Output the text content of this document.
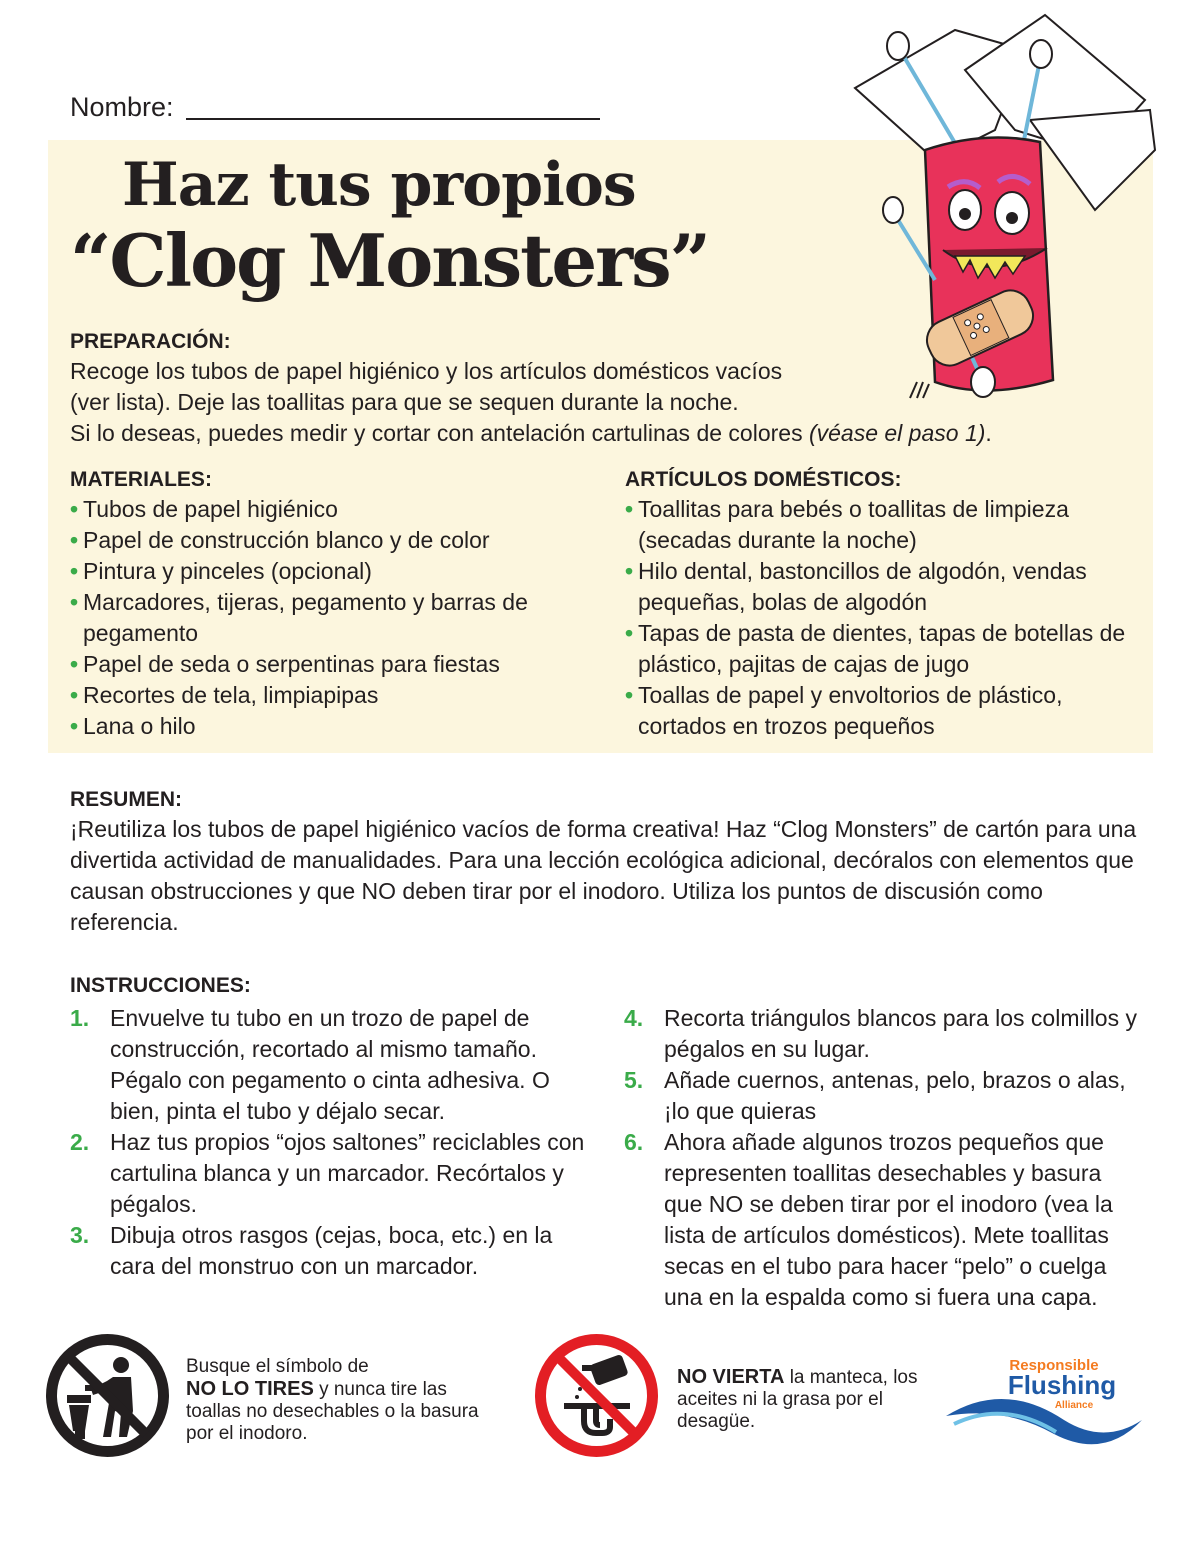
Nombre:
Haz tus propios
“Clog Monsters”
PREPARACIÓN:
Recoge los tubos de papel higiénico y los artículos domésticos vacíos
(ver lista). Deje las toallitas para que se sequen durante la noche.
Si lo deseas, puedes medir y cortar con antelación cartulinas de colores (véase el paso 1).
MATERIALES:
• Tubos de papel higiénico
• Papel de construcción blanco y de color
• Pintura y pinceles (opcional)
• Marcadores, tijeras, pegamento y barras de pegamento
• Papel de seda o serpentinas para fiestas
• Recortes de tela, limpiapipas
• Lana o hilo
ARTÍCULOS DOMÉSTICOS:
• Toallitas para bebés o toallitas de limpieza (secadas durante la noche)
• Hilo dental, bastoncillos de algodón, vendas pequeñas, bolas de algodón
• Tapas de pasta de dientes, tapas de botellas de plástico, pajitas de cajas de jugo
• Toallas de papel y envoltorios de plástico, cortados en trozos pequeños
RESUMEN:
¡Reutiliza los tubos de papel higiénico vacíos de forma creativa! Haz “Clog Monsters” de cartón para una divertida actividad de manualidades. Para una lección ecológica adicional, decóralos con elementos que causan obstrucciones y que NO deben tirar por el inodoro. Utiliza los puntos de discusión como referencia.
INSTRUCCIONES:
1. Envuelve tu tubo en un trozo de papel de construcción, recortado al mismo tamaño. Pégalo con pegamento o cinta adhesiva. O bien, pinta el tubo y déjalo secar.
2. Haz tus propios “ojos saltones” reciclables con cartulina blanca y un marcador. Recórtalos y pégalos.
3. Dibuja otros rasgos (cejas, boca, etc.) en la cara del monstruo con un marcador.
4. Recorta triángulos blancos para los colmillos y pégalos en su lugar.
5. Añade cuernos, antenas, pelo, brazos o alas, ¡lo que quieras
6. Ahora añade algunos trozos pequeños que representen toallitas desechables y basura que NO se deben tirar por el inodoro (vea la lista de artículos domésticos). Mete toallitas secas en el tubo para hacer “pelo” o cuelga una en la espalda como si fuera una capa.
Busque el símbolo de
NO LO TIRES y nunca tire las toallas no desechables o la basura por el inodoro.
NO VIERTA la manteca, los aceites ni la grasa por el desagüe.
Responsible
Flushing
Alliance
